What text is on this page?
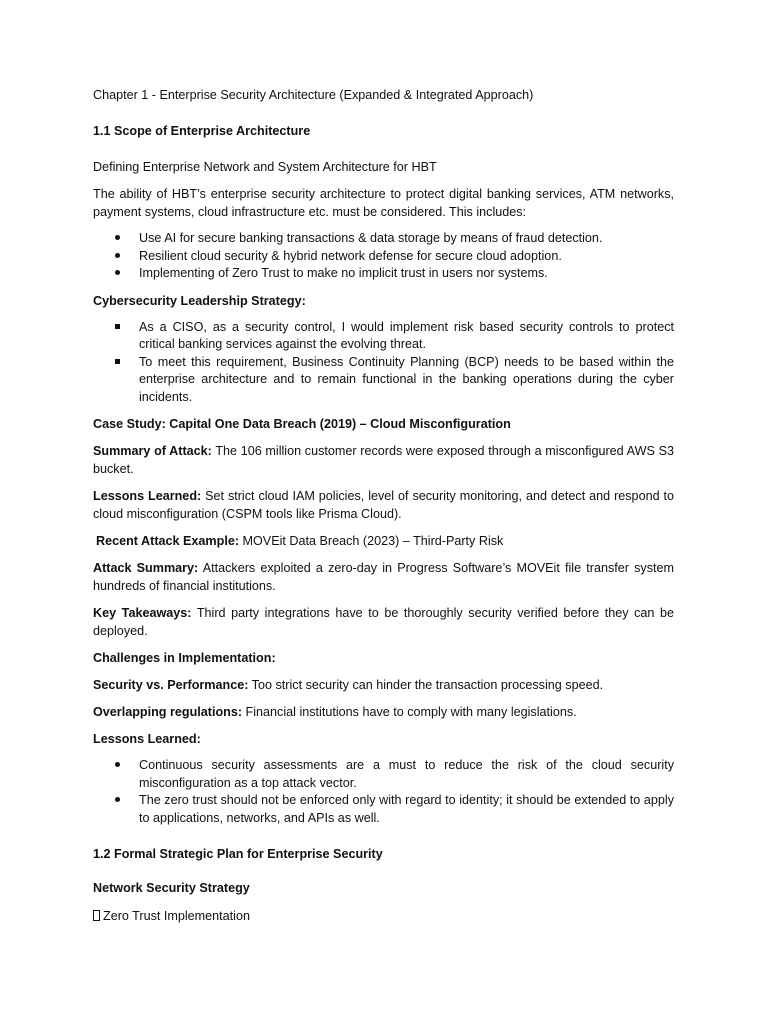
Chapter 1 - Enterprise Security Architecture (Expanded & Integrated Approach)

1.1 Scope of Enterprise Architecture

Defining Enterprise Network and System Architecture for HBT

The ability of HBT’s enterprise security architecture to protect digital banking services, ATM networks, payment systems, cloud infrastructure etc. must be considered. This includes:

Use AI for secure banking transactions & data storage by means of fraud detection.
Resilient cloud security & hybrid network defense for secure cloud adoption.
Implementing of Zero Trust to make no implicit trust in users nor systems.

Cybersecurity Leadership Strategy:

As a CISO, as a security control, I would implement risk based security controls to protect critical banking services against the evolving threat.
To meet this requirement, Business Continuity Planning (BCP) needs to be based within the enterprise architecture and to remain functional in the banking operations during the cyber incidents.

Case Study: Capital One Data Breach (2019) – Cloud Misconfiguration

Summary of Attack: The 106 million customer records were exposed through a misconfigured AWS S3 bucket.

Lessons Learned: Set strict cloud IAM policies, level of security monitoring, and detect and respond to cloud misconfiguration (CSPM tools like Prisma Cloud).

Recent Attack Example: MOVEit Data Breach (2023) – Third-Party Risk

Attack Summary: Attackers exploited a zero-day in Progress Software’s MOVEit file transfer system hundreds of financial institutions.

Key Takeaways: Third party integrations have to be thoroughly security verified before they can be deployed.

Challenges in Implementation:

Security vs. Performance: Too strict security can hinder the transaction processing speed.

Overlapping regulations: Financial institutions have to comply with many legislations.

Lessons Learned:

Continuous security assessments are a must to reduce the risk of the cloud security misconfiguration as a top attack vector.
The zero trust should not be enforced only with regard to identity; it should be extended to apply to applications, networks, and APIs as well.

1.2 Formal Strategic Plan for Enterprise Security

Network Security Strategy

Zero Trust Implementation
